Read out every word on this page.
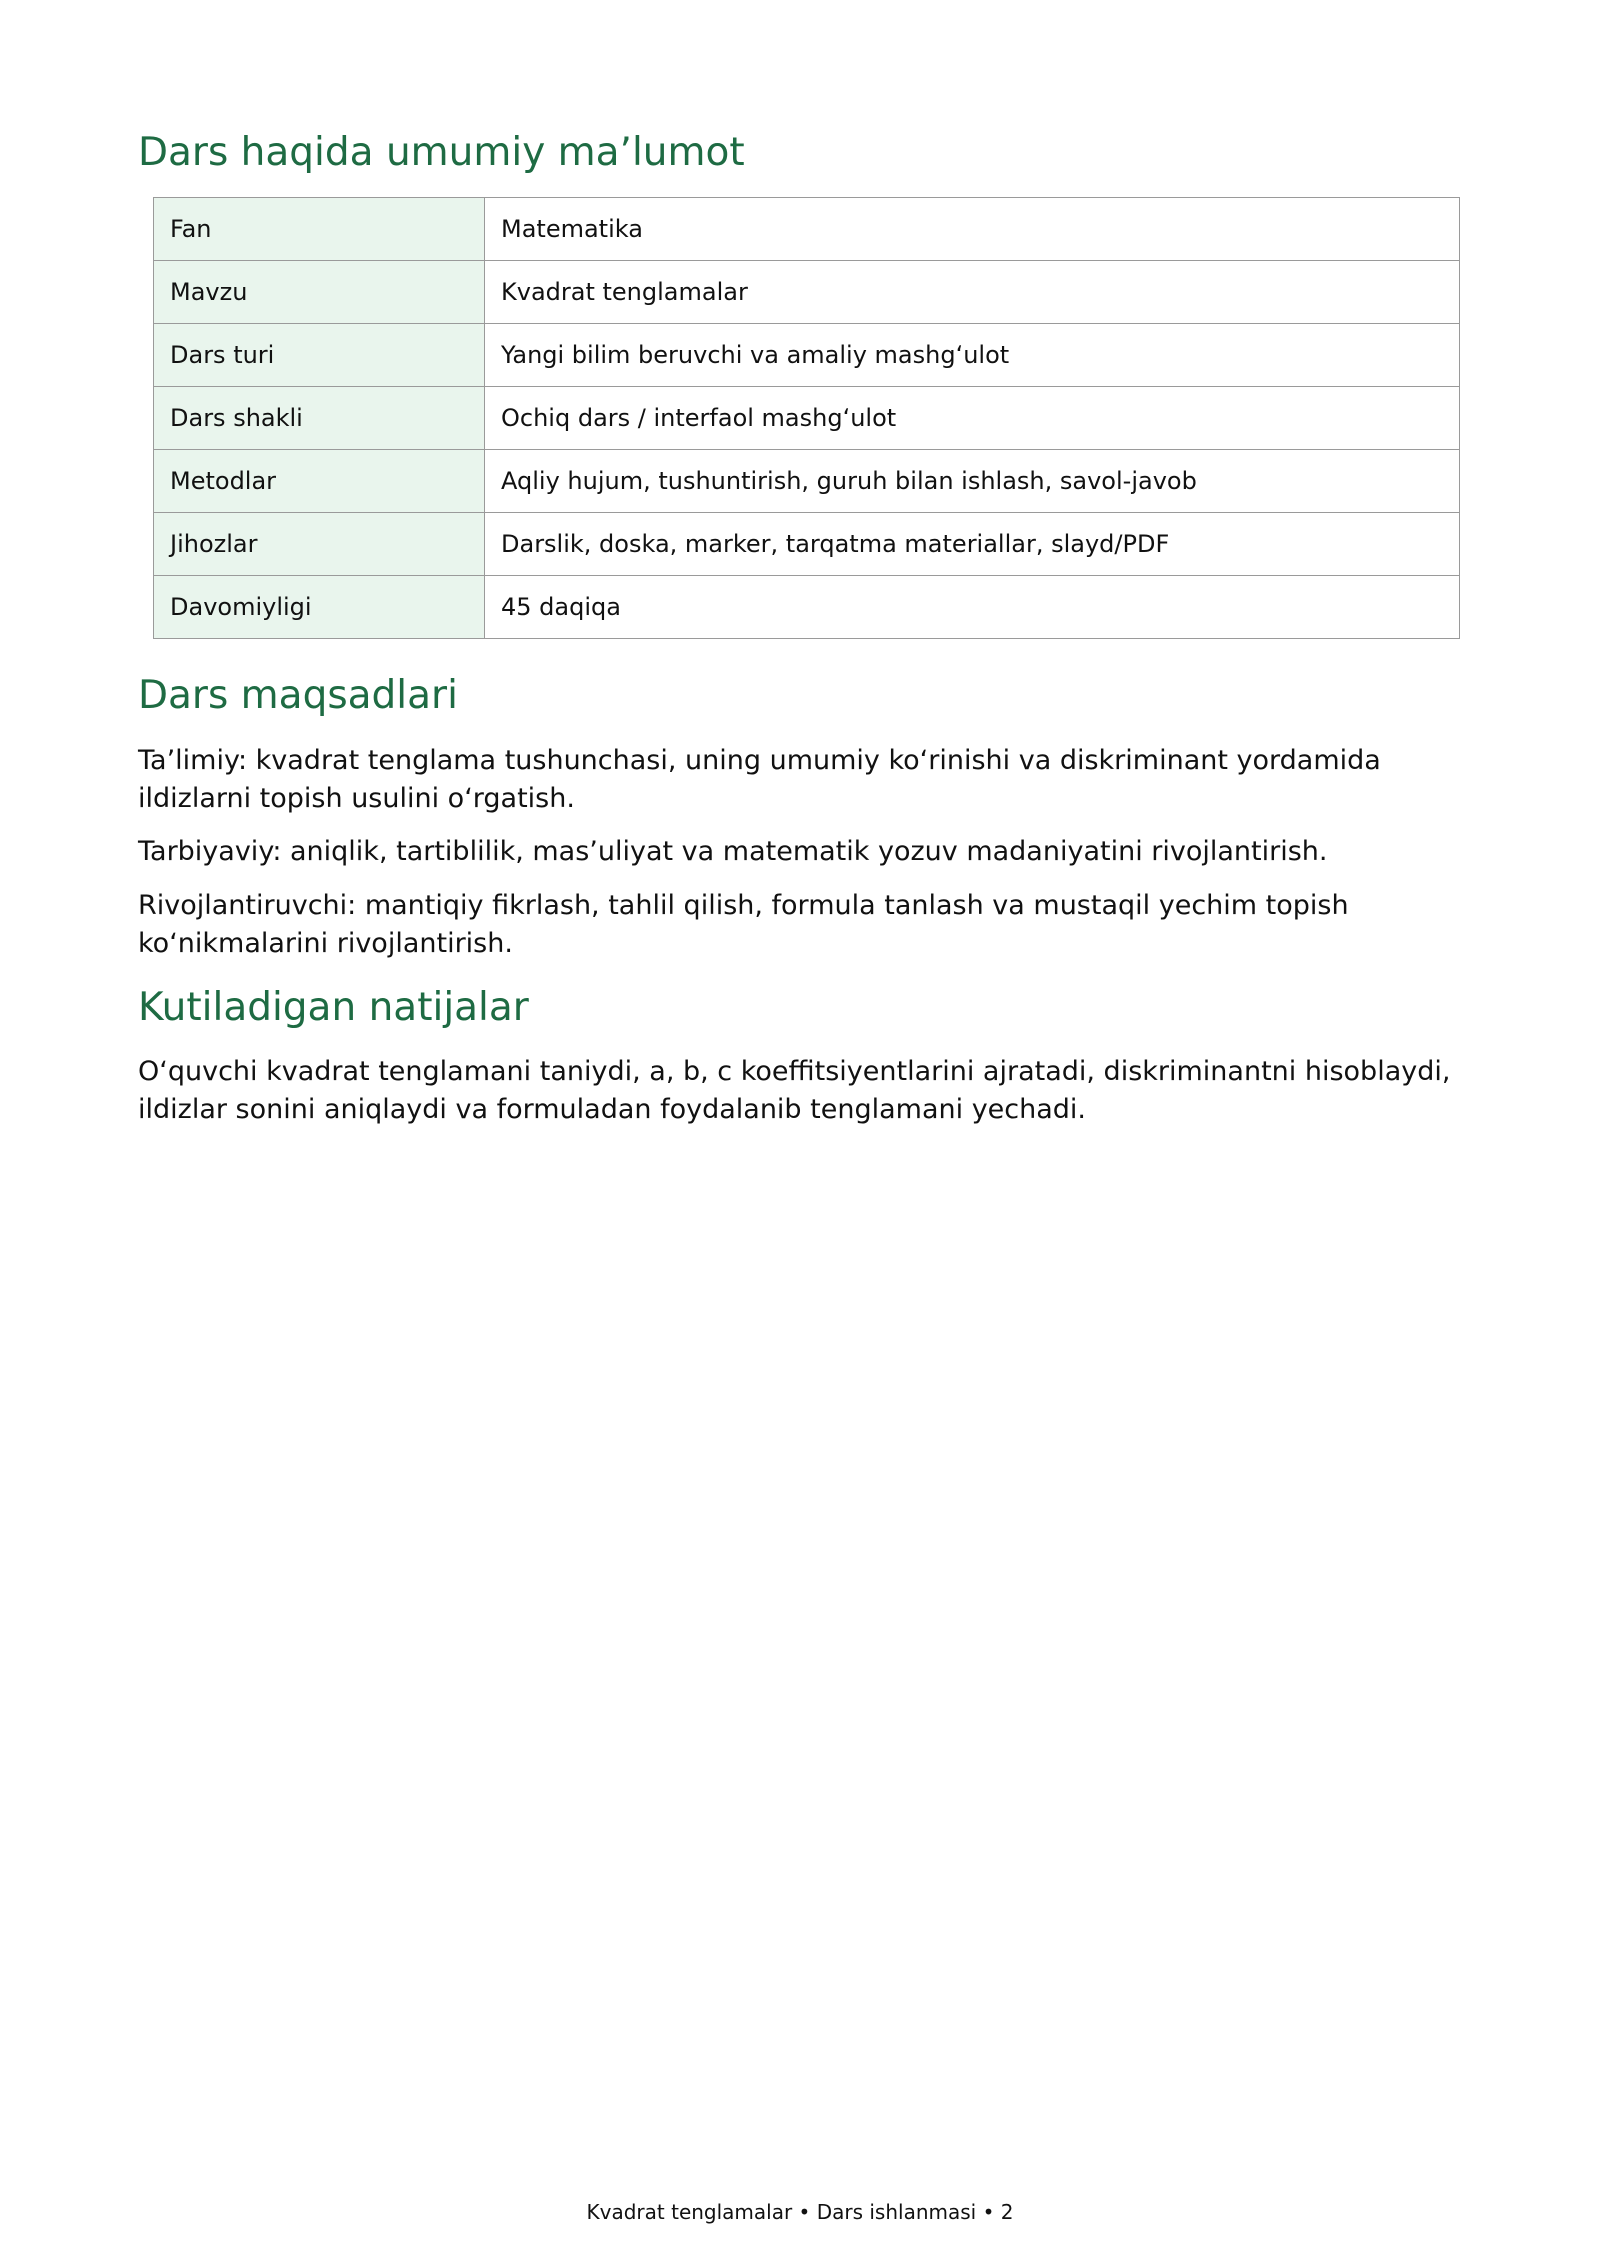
Dars haqida umumiy ma’lumot
Fan	Matematika
Mavzu	Kvadrat tenglamalar
Dars turi	Yangi bilim beruvchi va amaliy mashgʻulot
Dars shakli	Ochiq dars / interfaol mashgʻulot
Metodlar	Aqliy hujum, tushuntirish, guruh bilan ishlash, savol-javob
Jihozlar	Darslik, doska, marker, tarqatma materiallar, slayd/PDF
Davomiyligi	45 daqiqa
Dars maqsadlari

Ta’limiy: kvadrat tenglama tushunchasi, uning umumiy koʻrinishi va diskriminant yordamida ildizlarni topish usulini oʻrgatish.

Tarbiyaviy: aniqlik, tartiblilik, mas’uliyat va matematik yozuv madaniyatini rivojlantirish.

Rivojlantiruvchi: mantiqiy fikrlash, tahlil qilish, formula tanlash va mustaqil yechim topish koʻnikmalarini rivojlantirish.

Kutiladigan natijalar

Oʻquvchi kvadrat tenglamani taniydi, a, b, c koeffitsiyentlarini ajratadi, diskriminantni hisoblaydi, ildizlar sonini aniqlaydi va formuladan foydalanib tenglamani yechadi.

Kvadrat tenglamalar • Dars ishlanmasi • 2
